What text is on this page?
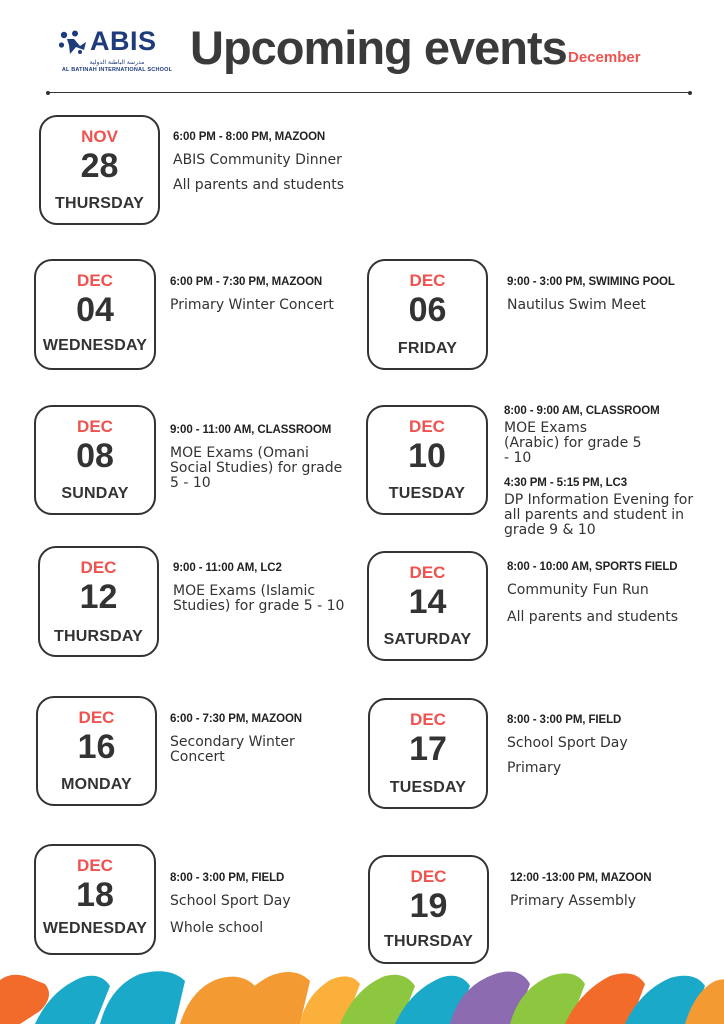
ABIS
مدرسة الباطنة الدولية
AL BATINAH INTERNATIONAL SCHOOL Upcoming events December
NOV
28
THURSDAY
6:00 PM - 8:00 PM, MAZOON
ABIS Community Dinner
All parents and students
DEC
04
WEDNESDAY
6:00 PM - 7:30 PM, MAZOON
Primary Winter Concert
DEC
06
FRIDAY
9:00 - 3:00 PM, SWIMING POOL
Nautilus Swim Meet
DEC
08
SUNDAY
9:00 - 11:00 AM, CLASSROOM
MOE Exams (Omani Social Studies) for grade 5 - 10
DEC
10
TUESDAY
8:00 - 9:00 AM, CLASSROOM
MOE Exams (Arabic) for grade 5 - 10
4:30 PM - 5:15 PM, LC3
DP Information Evening for all parents and student in grade 9 & 10
DEC
12
THURSDAY
9:00 - 11:00 AM, LC2
MOE Exams (Islamic Studies) for grade 5 - 10
DEC
14
SATURDAY
8:00 - 10:00 AM, SPORTS FIELD
Community Fun Run
All parents and students
DEC
16
MONDAY
6:00 - 7:30 PM, MAZOON
Secondary Winter Concert
DEC
17
TUESDAY
8:00 - 3:00 PM, FIELD
School Sport Day
Primary
DEC
18
WEDNESDAY
8:00 - 3:00 PM, FIELD
School Sport Day
Whole school
DEC
19
THURSDAY
12:00 -13:00 PM, MAZOON
Primary Assembly
